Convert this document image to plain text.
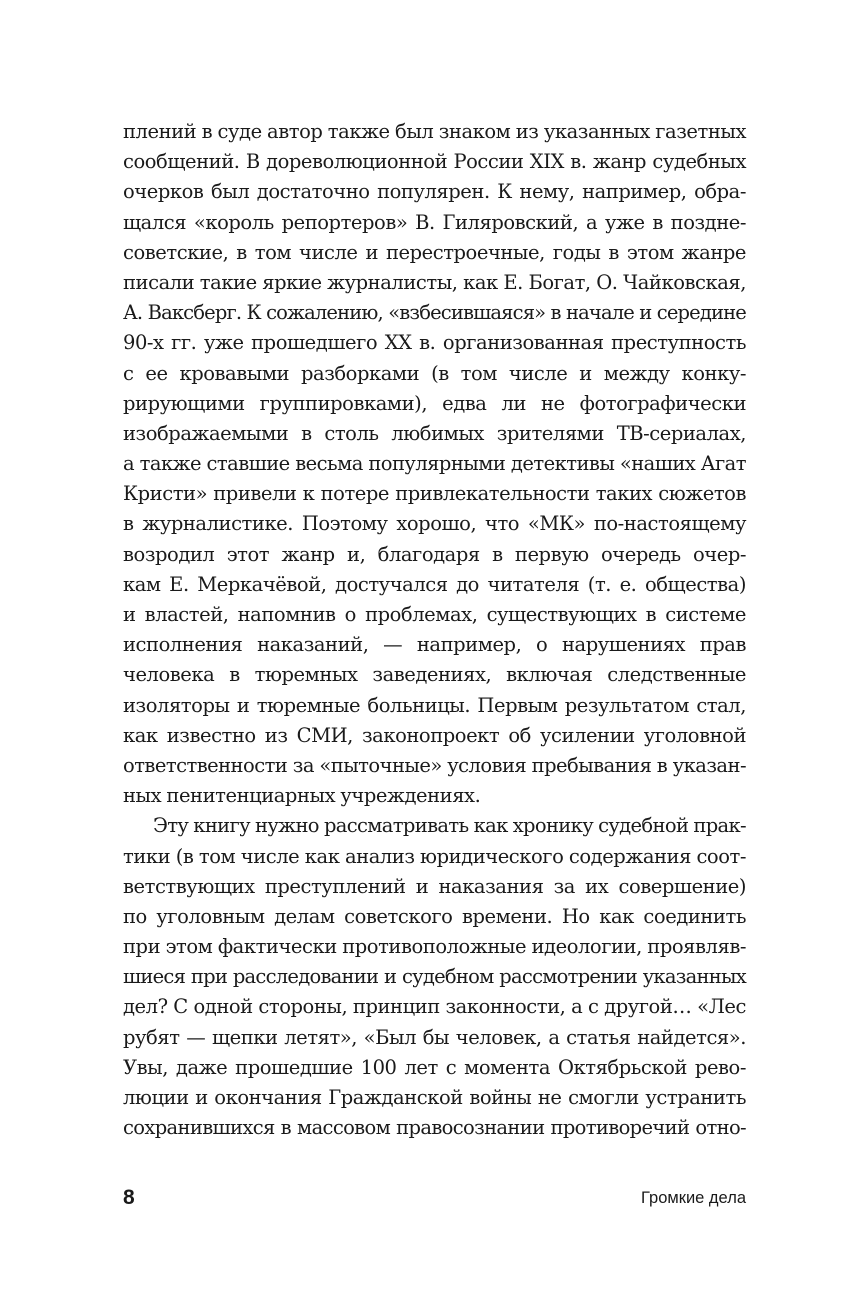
плений в суде автор также был знаком из указанных газетных
сообщений. В дореволюционной России XIX в. жанр судебных
очерков был достаточно популярен. К нему, например, обра-
щался «король репортеров» В. Гиляровский, а уже в поздне-
советские, в том числе и перестроечные, годы в этом жанре
писали такие яркие журналисты, как Е. Богат, О. Чайковская,
А. Ваксберг. К сожалению, «взбесившаяся» в начале и середине
90-х гг. уже прошедшего XX в. организованная преступность
с ее кровавыми разборками (в том числе и между конку-
рирующими группировками), едва ли не фотографически
изображаемыми в столь любимых зрителями ТВ-сериалах,
а также ставшие весьма популярными детективы «наших Агат
Кристи» привели к потере привлекательности таких сюжетов
в журналистике. Поэтому хорошо, что «МК» по-настоящему
возродил этот жанр и, благодаря в первую очередь очер-
кам Е. Меркачёвой, достучался до читателя (т. е. общества)
и властей, напомнив о проблемах, существующих в системе
исполнения наказаний, — например, о нарушениях прав
человека в тюремных заведениях, включая следственные
изоляторы и тюремные больницы. Первым результатом стал,
как известно из СМИ, законопроект об усилении уголовной
ответственности за «пыточные» условия пребывания в указан-
ных пенитенциарных учреждениях.
Эту книгу нужно рассматривать как хронику судебной прак-
тики (в том числе как анализ юридического содержания соот-
ветствующих преступлений и наказания за их совершение)
по уголовным делам советского времени. Но как соединить
при этом фактически противоположные идеологии, проявляв-
шиеся при расследовании и судебном рассмотрении указанных
дел? С одной стороны, принцип законности, а с другой… «Лес
рубят — щепки летят», «Был бы человек, а статья найдется».
Увы, даже прошедшие 100 лет с момента Октябрьской рево-
люции и окончания Гражданской войны не смогли устранить
сохранившихся в массовом правосознании противоречий отно-
8	Громкие дела
